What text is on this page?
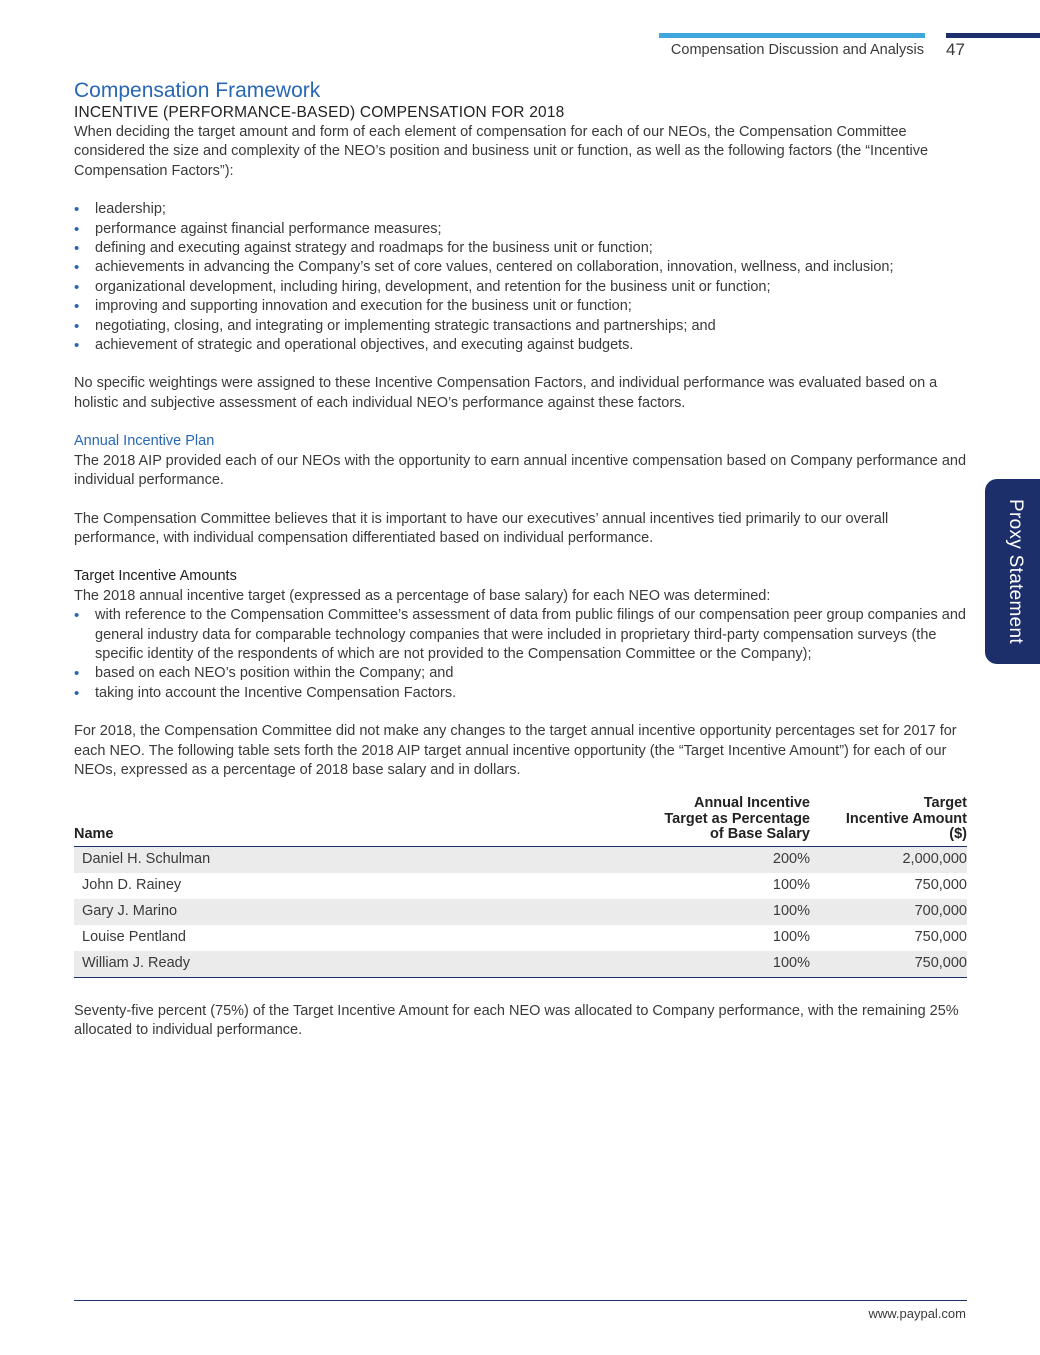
Compensation Discussion and Analysis 47
Proxy Statement
Compensation Framework
INCENTIVE (PERFORMANCE-BASED) COMPENSATION FOR 2018

When deciding the target amount and form of each element of compensation for each of our NEOs, the Compensation Committee considered the size and complexity of the NEO’s position and business unit or function, as well as the following factors (the “Incentive Compensation Factors”):

• leadership;
• performance against financial performance measures;
• defining and executing against strategy and roadmaps for the business unit or function;
• achievements in advancing the Company’s set of core values, centered on collaboration, innovation, wellness, and inclusion;
• organizational development, including hiring, development, and retention for the business unit or function;
• improving and supporting innovation and execution for the business unit or function;
• negotiating, closing, and integrating or implementing strategic transactions and partnerships; and
• achievement of strategic and operational objectives, and executing against budgets.

No specific weightings were assigned to these Incentive Compensation Factors, and individual performance was evaluated based on a holistic and subjective assessment of each individual NEO’s performance against these factors.

Annual Incentive Plan

The 2018 AIP provided each of our NEOs with the opportunity to earn annual incentive compensation based on Company performance and individual performance.

The Compensation Committee believes that it is important to have our executives’ annual incentives tied primarily to our overall performance, with individual compensation differentiated based on individual performance.

Target Incentive Amounts

The 2018 annual incentive target (expressed as a percentage of base salary) for each NEO was determined:

• with reference to the Compensation Committee’s assessment of data from public filings of our compensation peer group companies and general industry data for comparable technology companies that were included in proprietary third-party compensation surveys (the specific identity of the respondents of which are not provided to the Compensation Committee or the Company);
• based on each NEO’s position within the Company; and
• taking into account the Incentive Compensation Factors.

For 2018, the Compensation Committee did not make any changes to the target annual incentive opportunity percentages set for 2017 for each NEO. The following table sets forth the 2018 AIP target annual incentive opportunity (the “Target Incentive Amount”) for each of our NEOs, expressed as a percentage of 2018 base salary and in dollars.

Name	Annual Incentive
Target as Percentage
of Base Salary	Target
Incentive Amount
($)
Daniel H. Schulman	200%	2,000,000
John D. Rainey	100%	750,000
Gary J. Marino	100%	700,000
Louise Pentland	100%	750,000
William J. Ready	100%	750,000

Seventy-five percent (75%) of the Target Incentive Amount for each NEO was allocated to Company performance, with the remaining 25% allocated to individual performance.

www.paypal.com
